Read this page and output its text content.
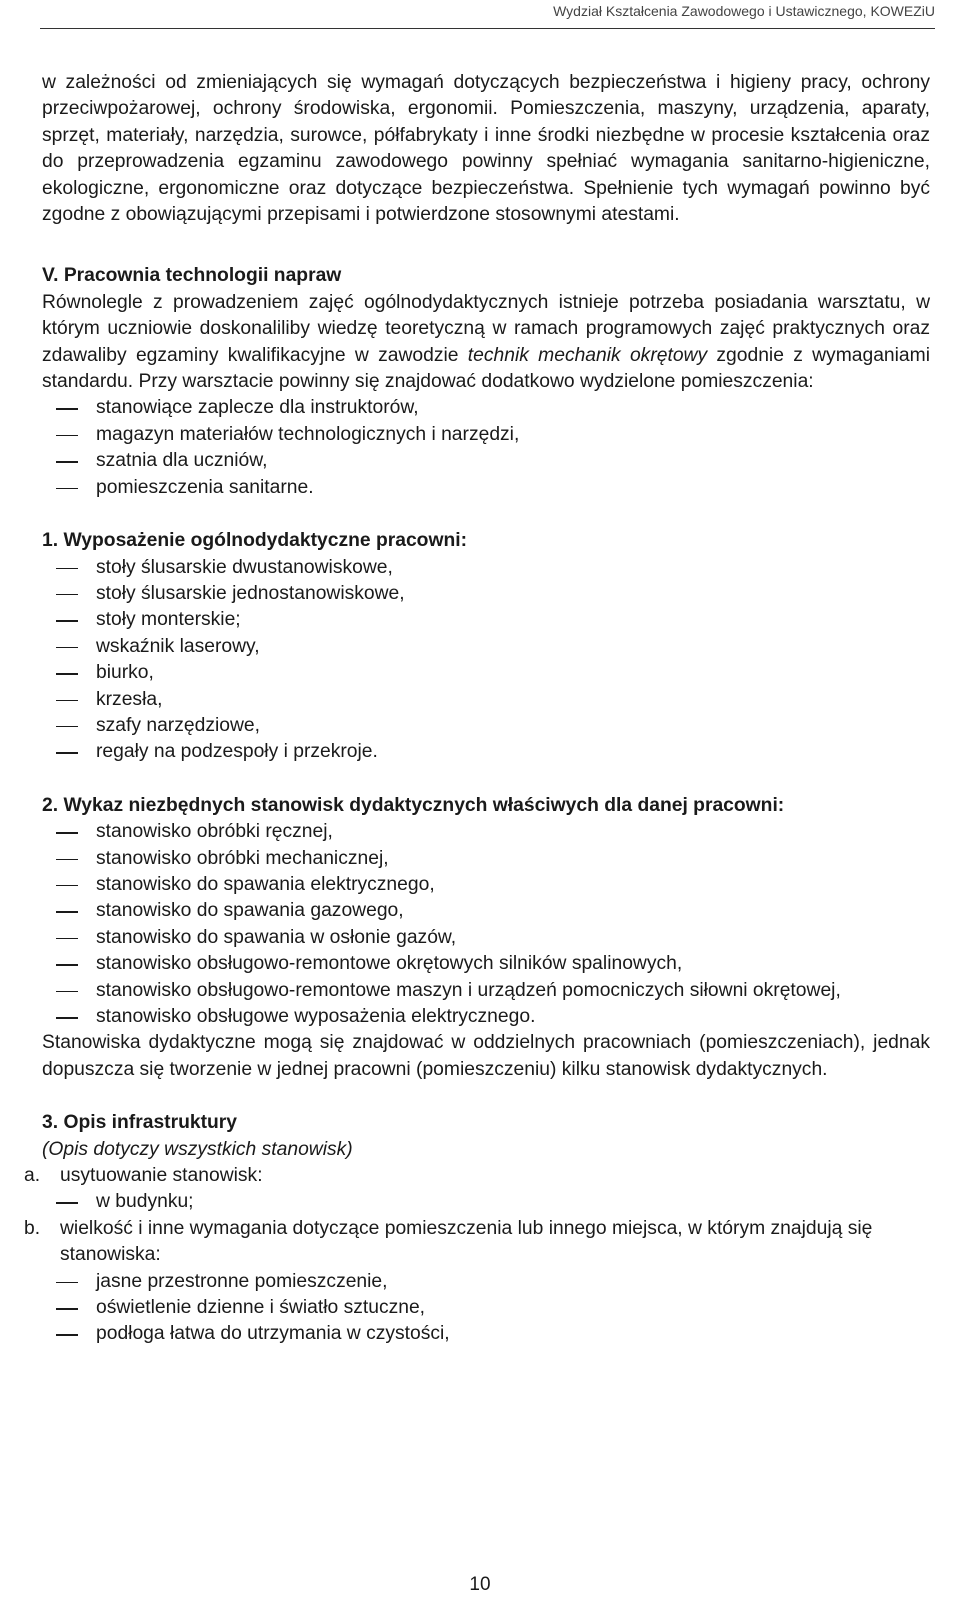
Wydział Kształcenia Zawodowego i Ustawicznego, KOWEZiU

w zależności od zmieniających się wymagań dotyczących bezpieczeństwa i higieny pracy, ochrony przeciwpożarowej, ochrony środowiska, ergonomii. Pomieszczenia, maszyny, urządzenia, aparaty, sprzęt, materiały, narzędzia, surowce, półfabrykaty i inne środki niezbędne w procesie kształcenia oraz do przeprowadzenia egzaminu zawodowego powinny spełniać wymagania sanitarno-higieniczne, ekologiczne, ergonomiczne oraz dotyczące bezpieczeństwa. Spełnienie tych wymagań powinno być zgodne z obowiązującymi przepisami i potwierdzone stosownymi atestami.

V. Pracownia technologii napraw

Równolegle z prowadzeniem zajęć ogólnodydaktycznych istnieje potrzeba posiadania warsztatu, w którym uczniowie doskonaliliby wiedzę teoretyczną w ramach programowych zajęć praktycznych oraz zdawaliby egzaminy kwalifikacyjne w zawodzie technik mechanik okrętowy zgodnie z wymaganiami standardu. Przy warsztacie powinny się znajdować dodatkowo wydzielone pomieszczenia:

stanowiące zaplecze dla instruktorów,
magazyn materiałów technologicznych i narzędzi,
szatnia dla uczniów,
pomieszczenia sanitarne.

1. Wyposażenie ogólnodydaktyczne pracowni:

stoły ślusarskie dwustanowiskowe,
stoły ślusarskie jednostanowiskowe,
stoły monterskie;
wskaźnik laserowy,
biurko,
krzesła,
szafy narzędziowe,
regały na podzespoły i przekroje.

2. Wykaz niezbędnych stanowisk dydaktycznych właściwych dla danej pracowni:

stanowisko obróbki ręcznej,
stanowisko obróbki mechanicznej,
stanowisko do spawania elektrycznego,
stanowisko do spawania gazowego,
stanowisko do spawania w osłonie gazów,
stanowisko obsługowo-remontowe okrętowych silników spalinowych,
stanowisko obsługowo-remontowe maszyn i urządzeń pomocniczych siłowni okrętowej,
stanowisko obsługowe wyposażenia elektrycznego.

Stanowiska dydaktyczne mogą się znajdować w oddzielnych pracowniach (pomieszczeniach), jednak dopuszcza się tworzenie w jednej pracowni (pomieszczeniu) kilku stanowisk dydaktycznych.

3. Opis infrastruktury

(Opis dotyczy wszystkich stanowisk)

a.	usytuowanie stanowisk:
w budynku;
b.	wielkość i inne wymagania dotyczące pomieszczenia lub innego miejsca, w którym znajdują się stanowiska:
jasne przestronne pomieszczenie,
oświetlenie dzienne i światło sztuczne,
podłoga łatwa do utrzymania w czystości,
10
